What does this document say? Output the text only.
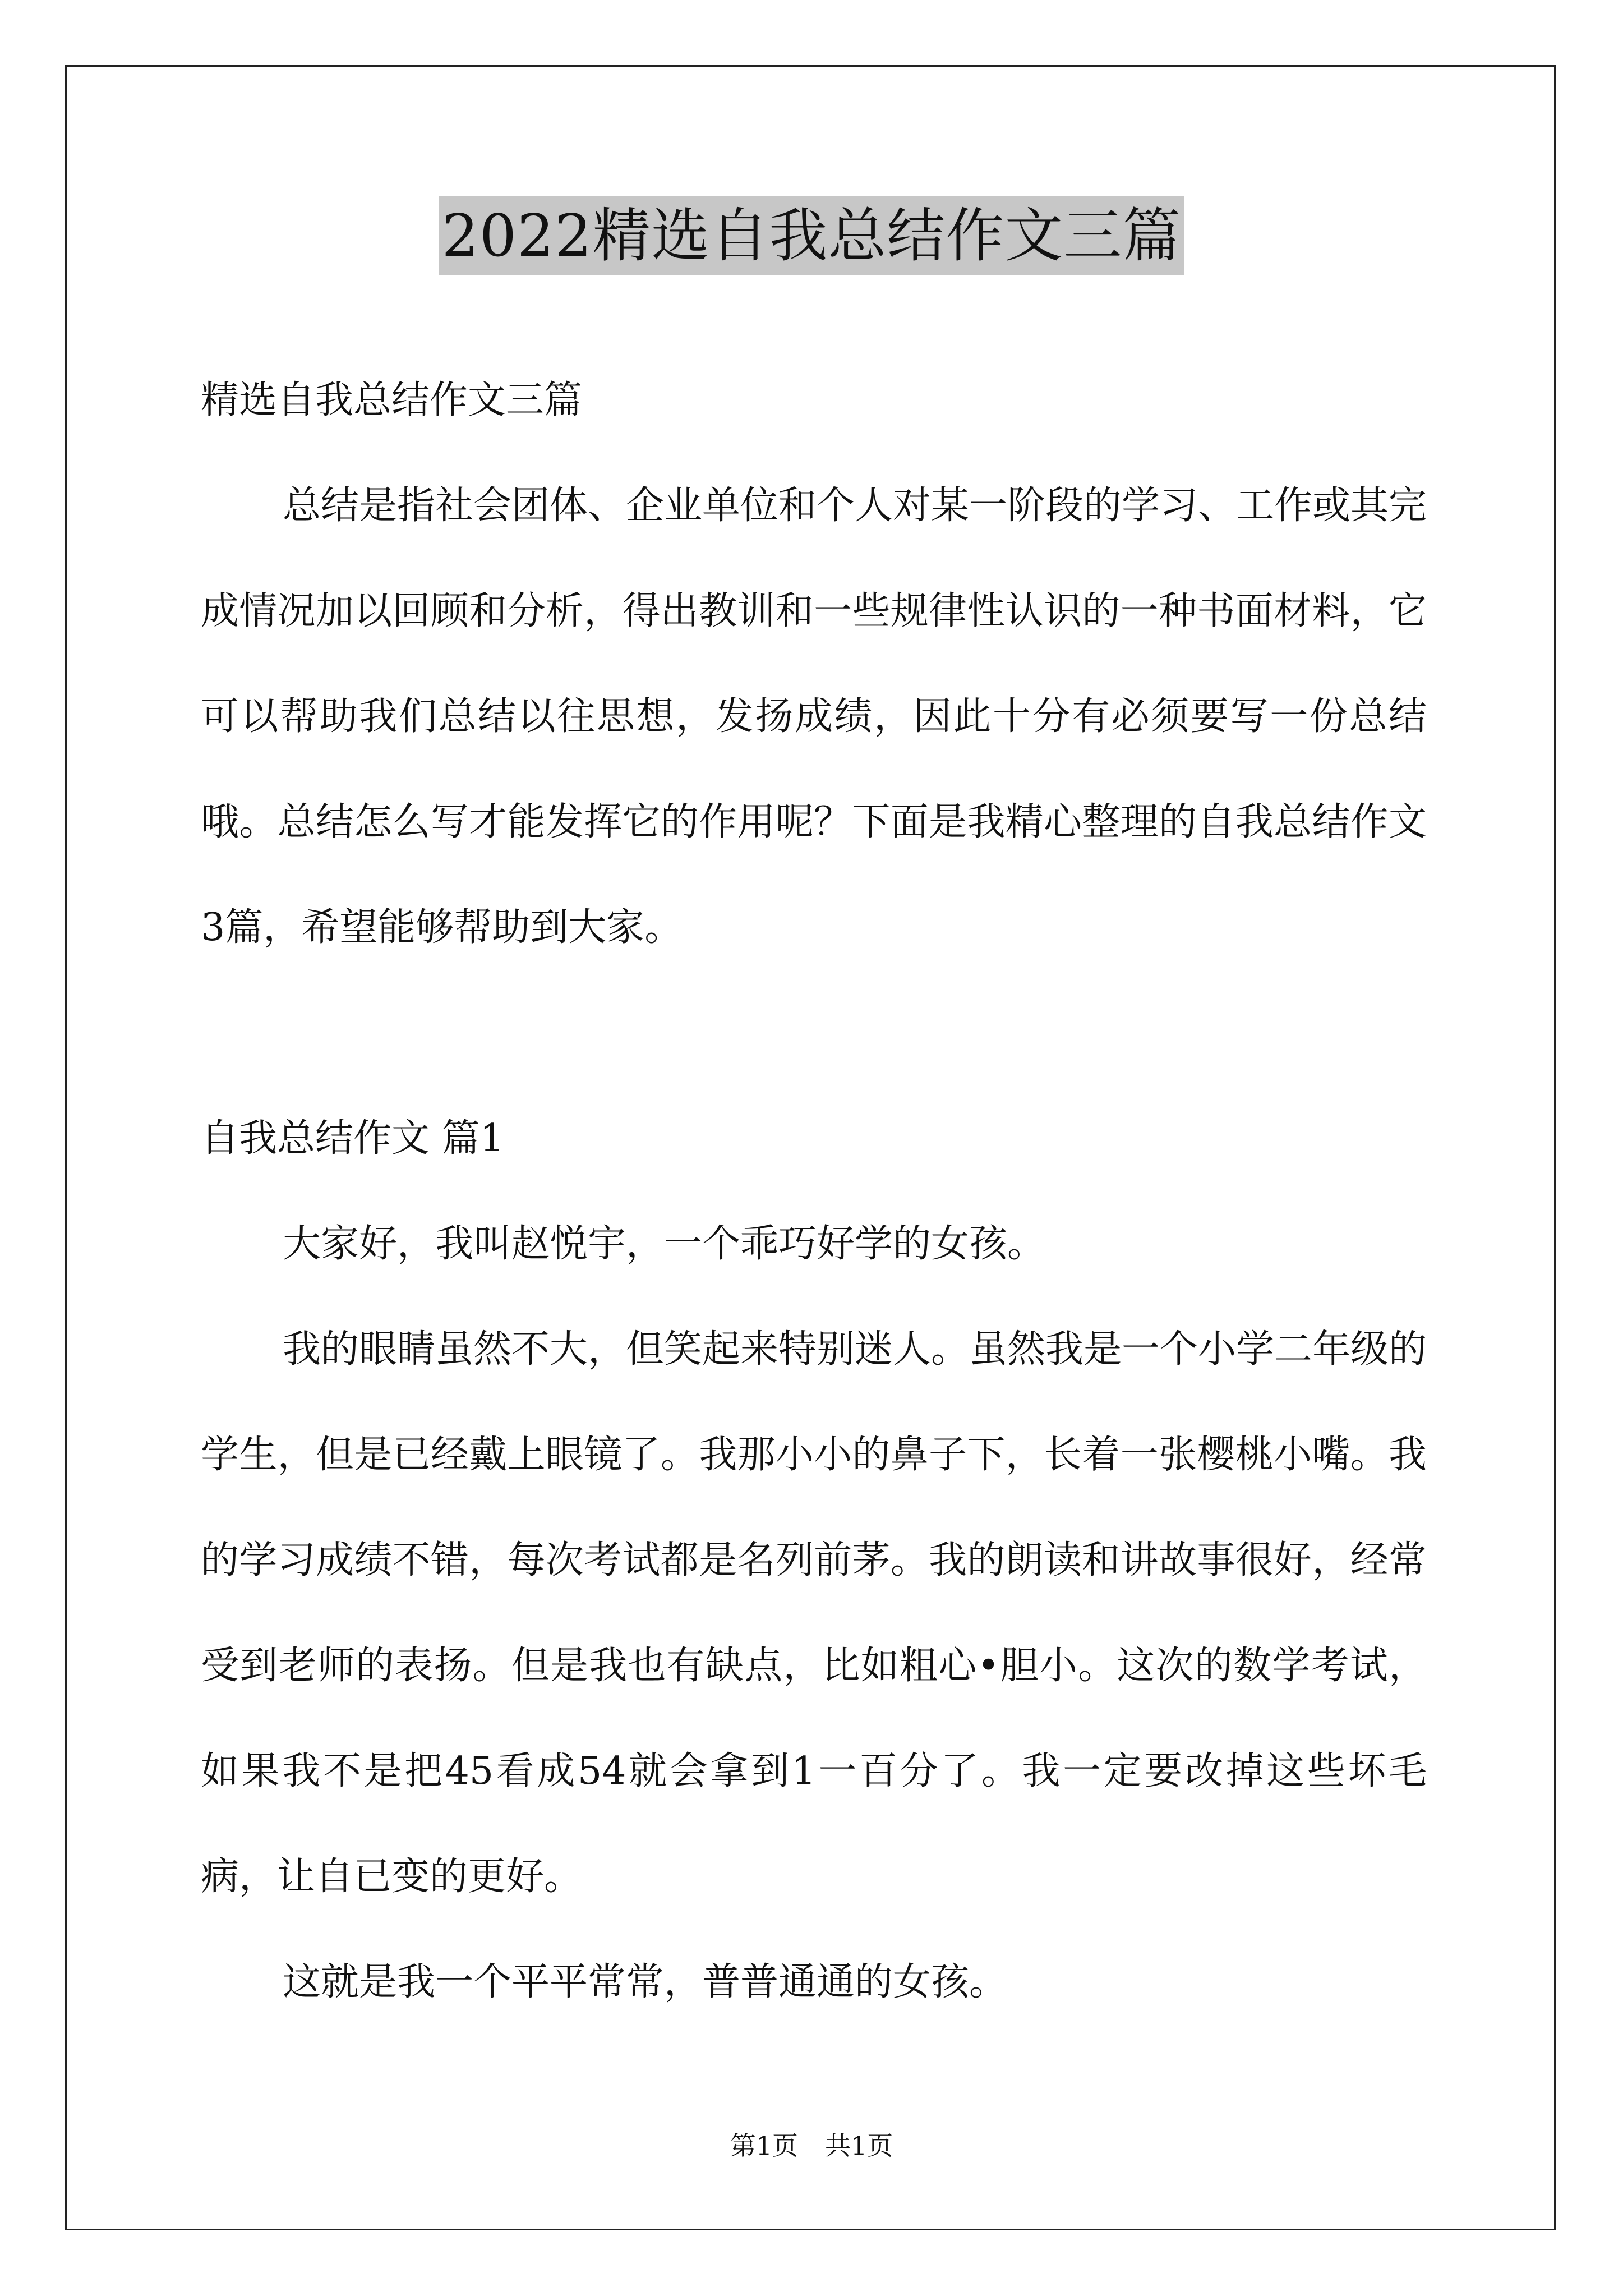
2022精选自我总结作文三篇

精选自我总结作文三篇

总结是指社会团体、企业单位和个人对某一阶段的学习、工作或其完成情况加以回顾和分析，得出教训和一些规律性认识的一种书面材料，它可以帮助我们总结以往思想，发扬成绩，因此十分有必须要写一份总结哦。总结怎么写才能发挥它的作用呢？下面是我精心整理的自我总结作文3篇，希望能够帮助到大家。

自我总结作文 篇1

大家好，我叫赵悦宇，一个乖巧好学的女孩。

我的眼睛虽然不大，但笑起来特别迷人。虽然我是一个小学二年级的学生，但是已经戴上眼镜了。我那小小的鼻子下，长着一张樱桃小嘴。我的学习成绩不错，每次考试都是名列前茅。我的朗读和讲故事很好，经常受到老师的表扬。但是我也有缺点，比如粗心•胆小。这次的数学考试，如果我不是把45看成54就会拿到1一百分了。我一定要改掉这些坏毛病，让自已变的更好。

这就是我一个平平常常，普普通通的女孩。

第1页 共1页
